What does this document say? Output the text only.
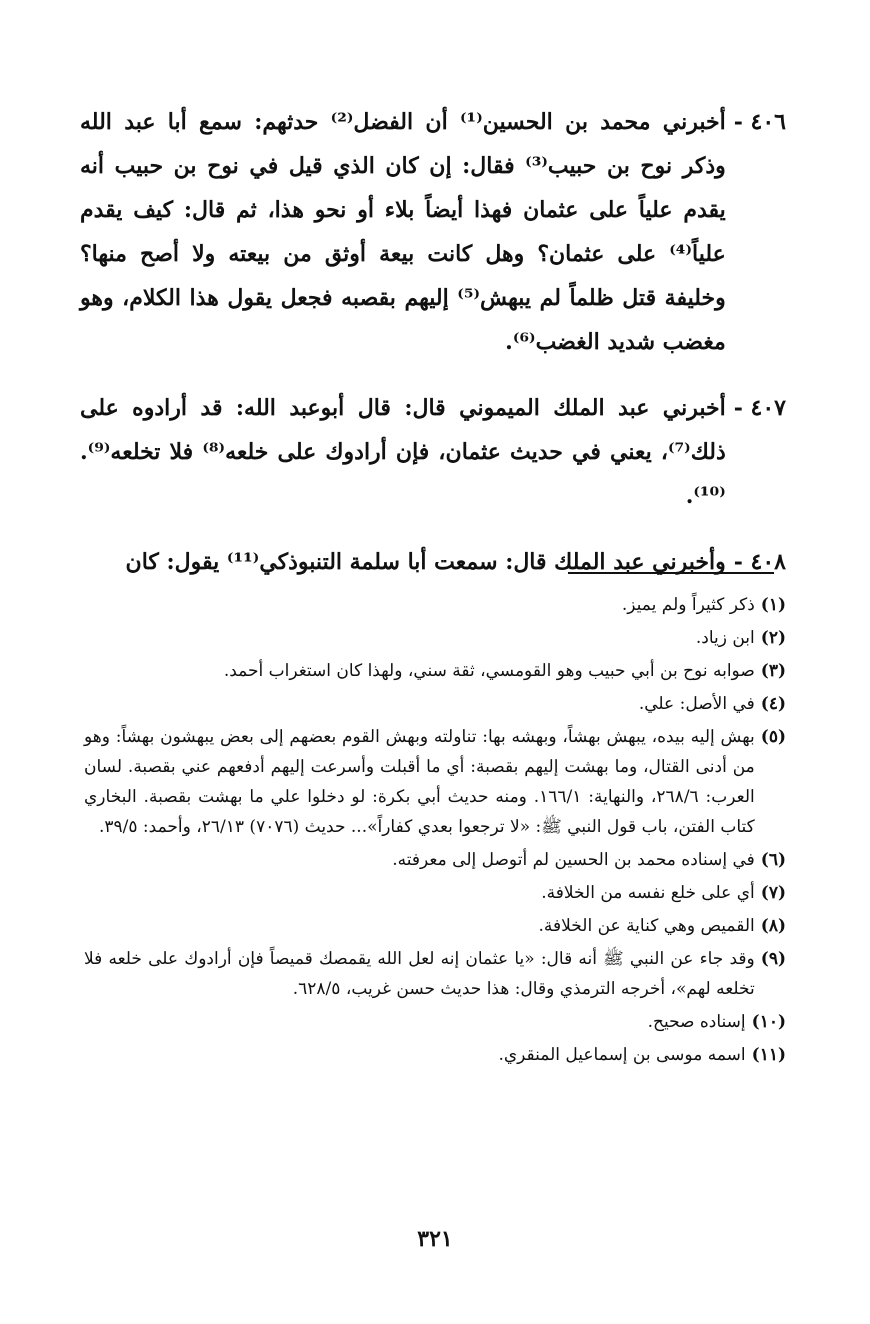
٤٠٦ -
أخبرني محمد بن الحسين⁽¹⁾ أن الفضل⁽²⁾ حدثهم: سمع أبا عبد الله وذكر نوح بن حبيب⁽³⁾ فقال: إن كان الذي قيل في نوح بن حبيب أنه يقدم علياً على عثمان فهذا أيضاً بلاء أو نحو هذا، ثم قال: كيف يقدم علياً⁽⁴⁾ على عثمان؟ وهل كانت بيعة أوثق من بيعته ولا أصح منها؟ وخليفة قتل ظلماً لم يبهش⁽⁵⁾ إليهم بقصبه فجعل يقول هذا الكلام، وهو مغضب شديد الغضب⁽⁶⁾.
٤٠٧ -
أخبرني عبد الملك الميموني قال: قال أبوعبد الله: قد أرادوه على ذلك⁽⁷⁾، يعني في حديث عثمان، فإن أرادوك على خلعه⁽⁸⁾ فلا تخلعه⁽⁹⁾.⁽¹⁰⁾.
٤٠٨ -
وأخبرني عبد الملك قال: سمعت أبا سلمة التنبوذكي⁽¹¹⁾ يقول: كان
(١)
ذكر كثيراً ولم يميز.
(٢)
ابن زياد.
(٣)
صوابه نوح بن أبي حبيب وهو القومسي، ثقة سني، ولهذا كان استغراب أحمد.
(٤)
في الأصل: علي.
(٥)
بهش إليه بيده، يبهش بهشاً، وبهشه بها: تناولته وبهش القوم بعضهم إلى بعض يبهشون بهشاً: وهو من أدنى القتال، وما بهشت إليهم بقصبة: أي ما أقبلت وأسرعت إليهم أدفعهم عني بقصبة. لسان العرب: ٢٦٨/٦، والنهاية: ١٦٦/١. ومنه حديث أبي بكرة: لو دخلوا علي ما بهشت بقصبة. البخاري كتاب الفتن، باب قول النبي ﷺ: «لا ترجعوا بعدي كفاراً»... حديث (٧٠٧٦) ٢٦/١٣، وأحمد: ٣٩/٥.
(٦)
في إسناده محمد بن الحسين لم أتوصل إلى معرفته.
(٧)
أي على خلع نفسه من الخلافة.
(٨)
القميص وهي كناية عن الخلافة.
(٩)
وقد جاء عن النبي ﷺ أنه قال: «يا عثمان إنه لعل الله يقمصك قميصاً فإن أرادوك على خلعه فلا تخلعه لهم»، أخرجه الترمذي وقال: هذا حديث حسن غريب، ٦٢٨/٥.
(١٠)
إسناده صحيح.
(١١)
اسمه موسى بن إسماعيل المنقري.
٣٢١
